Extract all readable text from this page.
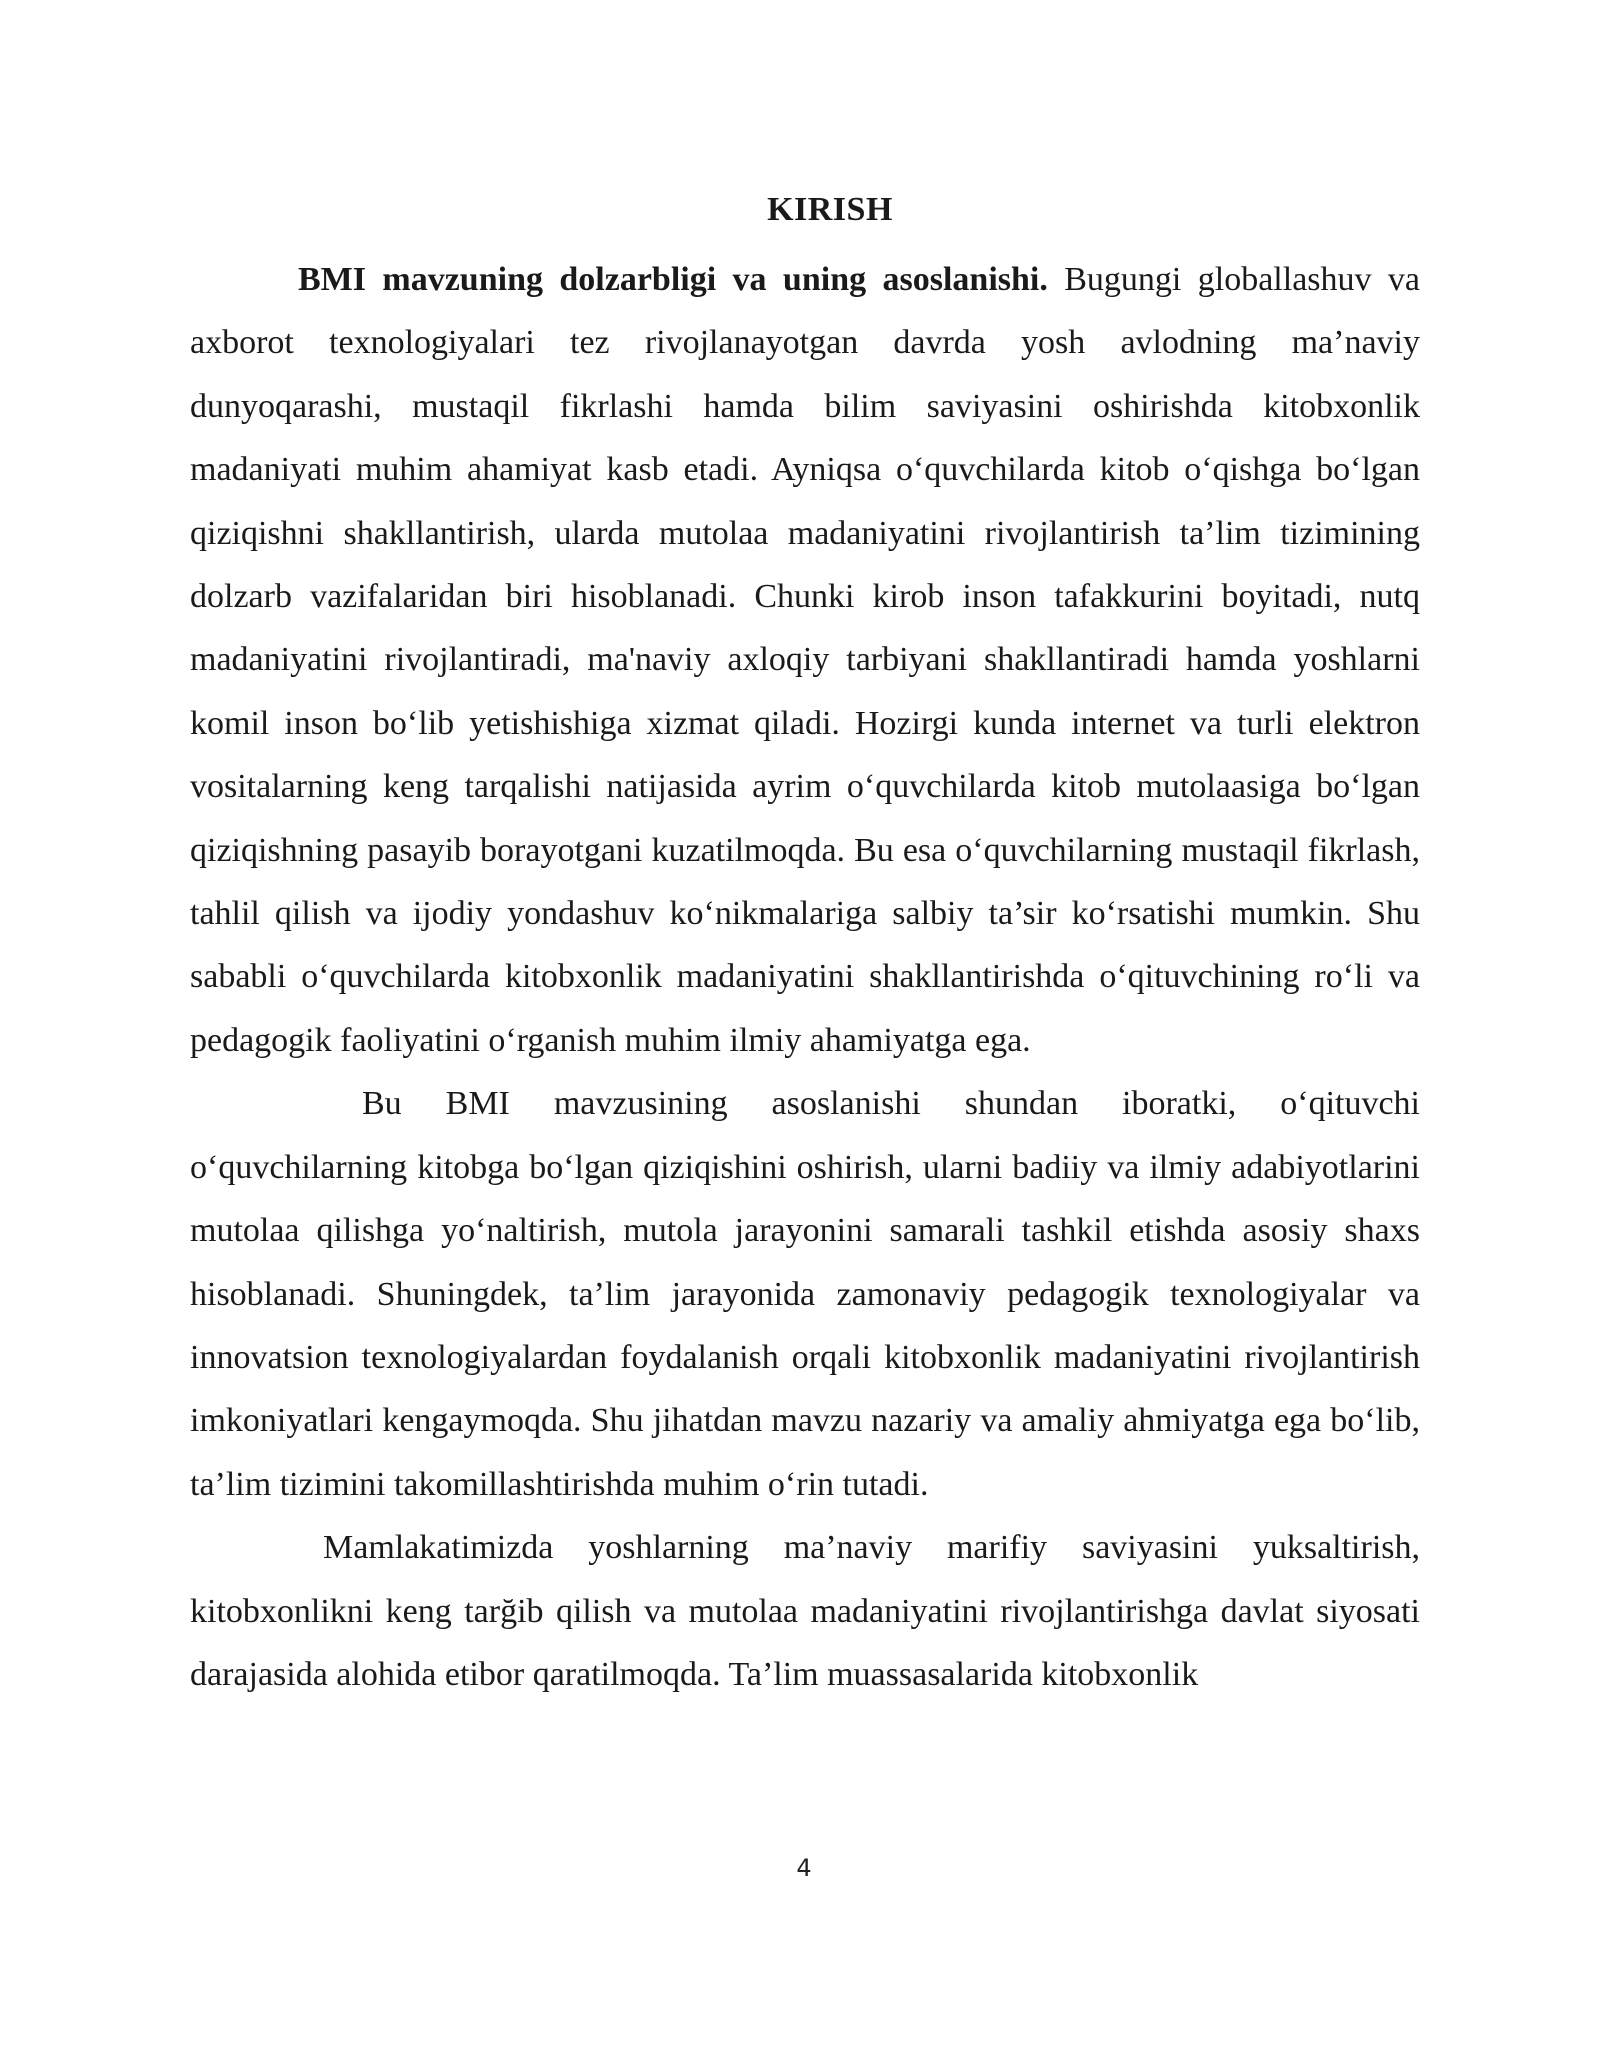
KIRISH

BMI mavzuning dolzarbligi va uning asoslanishi. Bugungi globallashuv va axborot texnologiyalari tez rivojlanayotgan davrda yosh avlodning ma’naviy dunyoqarashi, mustaqil fikrlashi hamda bilim saviyasini oshirishda kitobxonlik madaniyati muhim ahamiyat kasb etadi. Ayniqsa o‘quvchilarda kitob o‘qishga bo‘lgan qiziqishni shakllantirish, ularda mutolaa madaniyatini rivojlantirish ta’lim tizimining dolzarb vazifalaridan biri hisoblanadi. Chunki kirob inson tafakkurini boyitadi, nutq madaniyatini rivojlantiradi, ma'naviy axloqiy tarbiyani shakllantiradi hamda yoshlarni komil inson bo‘lib yetishishiga xizmat qiladi. Hozirgi kunda internet va turli elektron vositalarning keng tarqalishi natijasida ayrim o‘quvchilarda kitob mutolaasiga bo‘lgan qiziqishning pasayib borayotgani kuzatilmoqda. Bu esa o‘quvchilarning mustaqil fikrlash, tahlil qilish va ijodiy yondashuv ko‘nikmalariga salbiy ta’sir ko‘rsatishi mumkin. Shu sababli o‘quvchilarda kitobxonlik madaniyatini shakllantirishda o‘qituvchining ro‘li va pedagogik faoliyatini o‘rganish muhim ilmiy ahamiyatga ega.

Bu BMI mavzusining asoslanishi shundan iboratki, o‘qituvchi o‘quvchilarning kitobga bo‘lgan qiziqishini oshirish, ularni badiiy va ilmiy adabiyotlarini mutolaa qilishga yo‘naltirish, mutola jarayonini samarali tashkil etishda asosiy shaxs hisoblanadi. Shuningdek, ta’lim jarayonida zamonaviy pedagogik texnologiyalar va innovatsion texnologiyalardan foydalanish orqali kitobxonlik madaniyatini rivojlantirish imkoniyatlari kengaymoqda. Shu jihatdan mavzu nazariy va amaliy ahmiyatga ega bo‘lib, ta’lim tizimini takomillashtirishda muhim o‘rin tutadi.

Mamlakatimizda yoshlarning ma’naviy marifiy saviyasini yuksaltirish, kitobxonlikni keng tarğib qilish va mutolaa madaniyatini rivojlantirishga davlat siyosati darajasida alohida etibor qaratilmoqda. Ta’lim muassasalarida kitobxonlik

4
